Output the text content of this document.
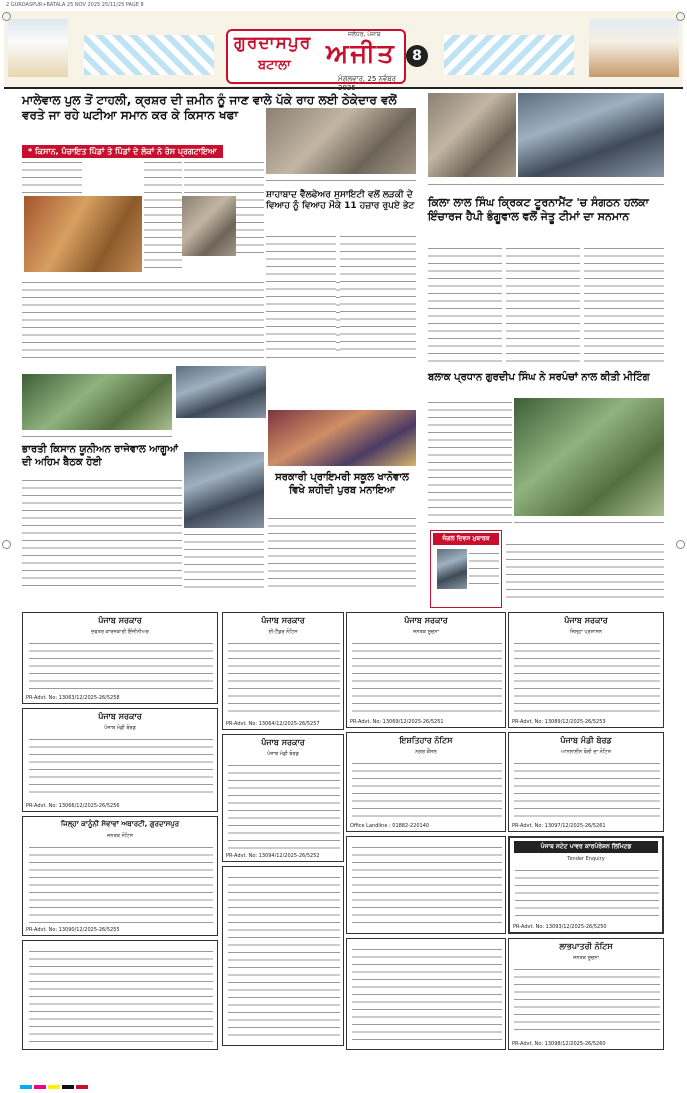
2 GURDASPUR+BATALA 25 NOV 2025 25/11/25 PAGE 8
ਗੁਰਦਾਸਪੁਰ
ਬਟਾਲਾ ਅਜੀਤ
ਜਲੰਧਰ, ਪੰਜਾਬ
ਮੰਗਲਵਾਰ, 25 ਨਵੰਬਰ 2025
8
ਮਾਲੇਵਾਲ ਪੁਲ ਤੋਂ ਟਾਹਲੀ, ਕ੍ਰਸ਼ਰ ਦੀ ਜ਼ਮੀਨ ਨੂੰ ਜਾਣ ਵਾਲੇ ਪੱਕੇ ਰਾਹ ਲਈ ਠੇਕੇਦਾਰ ਵਲੋਂ ਵਰਤੇ ਜਾ ਰਹੇ ਘਟੀਆ ਸਮਾਨ ਕਰ ਕੇ ਕਿਸਾਨ ਖਫਾ
* ਕਿਸਾਨ, ਪੰਚਾਇਤ ਪਿੰਡਾਂ ਤੇ ਪਿੰਡਾਂ ਦੇ ਲੋਕਾਂ ਨੇ ਰੋਸ ਪ੍ਰਗਟਾਇਆ
ਸ਼ਾਹਾਬਾਦ ਵੈੱਲਫੇਅਰ ਸੁਸਾਇਟੀ ਵਲੋਂ ਲੜਕੀ ਦੇ ਵਿਆਹ ਨੂੰ ਵਿਆਹ ਮੌਕੇ 11 ਹਜ਼ਾਰ ਰੁਪਏ ਭੇਟ
ਭਾਰਤੀ ਕਿਸਾਨ ਯੂਨੀਅਨ ਰਾਜੇਵਾਲ ਆਗੂਆਂ ਦੀ ਅਹਿਮ ਬੈਠਕ ਹੋਈ
ਸਰਕਾਰੀ ਪ੍ਰਾਇਮਰੀ ਸਕੂਲ ਖਾਨੋਵਾਲ ਵਿਖੇ ਸ਼ਹੀਦੀ ਪੁਰਬ ਮਨਾਇਆ
ਕਿਲਾ ਲਾਲ ਸਿੰਘ ਕ੍ਰਿਕਟ ਟੂਰਨਾਮੈਂਟ 'ਚ ਸੰਗਠਨ ਹਲਕਾ ਇੰਚਾਰਜ ਹੈਪੀ ਭੰਗੂਵਾਲ ਵਲੋਂ ਜੇਤੂ ਟੀਮਾਂ ਦਾ ਸਨਮਾਨ
ਬਲਾਕ ਪ੍ਰਧਾਨ ਗੁਰਦੀਪ ਸਿੰਘ ਨੇ ਸਰਪੰਚਾਂ ਨਾਲ ਕੀਤੀ ਮੀਟਿੰਗ
ਜੰਗਲ ਦਿਵਸ ਮੁਬਾਰਕ
ਪੰਜਾਬ ਸਰਕਾਰ
ਦਫਤਰ ਕਾਰਜਕਾਰੀ ਇੰਜੀਨੀਅਰ
PR-Advt. No: 13063/12/2025-26/5258
ਪੰਜਾਬ ਸਰਕਾਰ
ਈ-ਟੈਂਡਰ ਨੋਟਿਸ
PR-Advt. No: 13064/12/2025-26/5257
ਪੰਜਾਬ ਸਰਕਾਰ
ਜਨਤਕ ਸੂਚਨਾ
PR-Advt. No: 13069/12/2025-26/5251
ਪੰਜਾਬ ਸਰਕਾਰ
ਜ਼ਿਲ੍ਹਾ ਪ੍ਰਸ਼ਾਸਨ
PR-Advt. No: 13089/12/2025-26/5253
ਪੰਜਾਬ ਸਰਕਾਰ
ਪੰਜਾਬ ਮੰਡੀ ਬੋਰਡ
PR-Advt. No: 13066/12/2025-26/5256
ਪੰਜਾਬ ਸਰਕਾਰ
ਪੰਜਾਬ ਮੰਡੀ ਬੋਰਡ
PR-Advt. No: 13094/12/2025-26/5252
ਇਸ਼ਤਿਹਾਰ ਨੋਟਿਸ
ਨਗਰ ਕੌਂਸਲ
Office Landline : 01882-220140
ਪੰਜਾਬ ਮੰਡੀ ਬੋਰਡ
ਆਨਲਾਈਨ ਬੋਲੀ ਦਾ ਨੋਟਿਸ
PR-Advt. No: 13097/12/2025-26/5261
ਜਿਲ੍ਹਾ ਕਾਨੂੰਨੀ ਸੇਵਾਵਾਂ ਅਥਾਰਟੀ, ਗੁਰਦਾਸਪੁਰ
ਜਨਤਕ ਨੋਟਿਸ
PR-Advt. No: 13090/12/2025-26/5255
ਪੰਜਾਬ ਸਟੇਟ ਪਾਵਰ ਕਾਰਪੋਰੇਸ਼ਨ ਲਿਮਿਟਡ
Tender Enquiry
PR-Advt. No: 13093/12/2025-26/5250
ਲਾਭਪਾਤਰੀ ਨੋਟਿਸ
ਜਨਤਕ ਸੂਚਨਾ
PR-Advt. No: 13098/12/2025-26/5260
